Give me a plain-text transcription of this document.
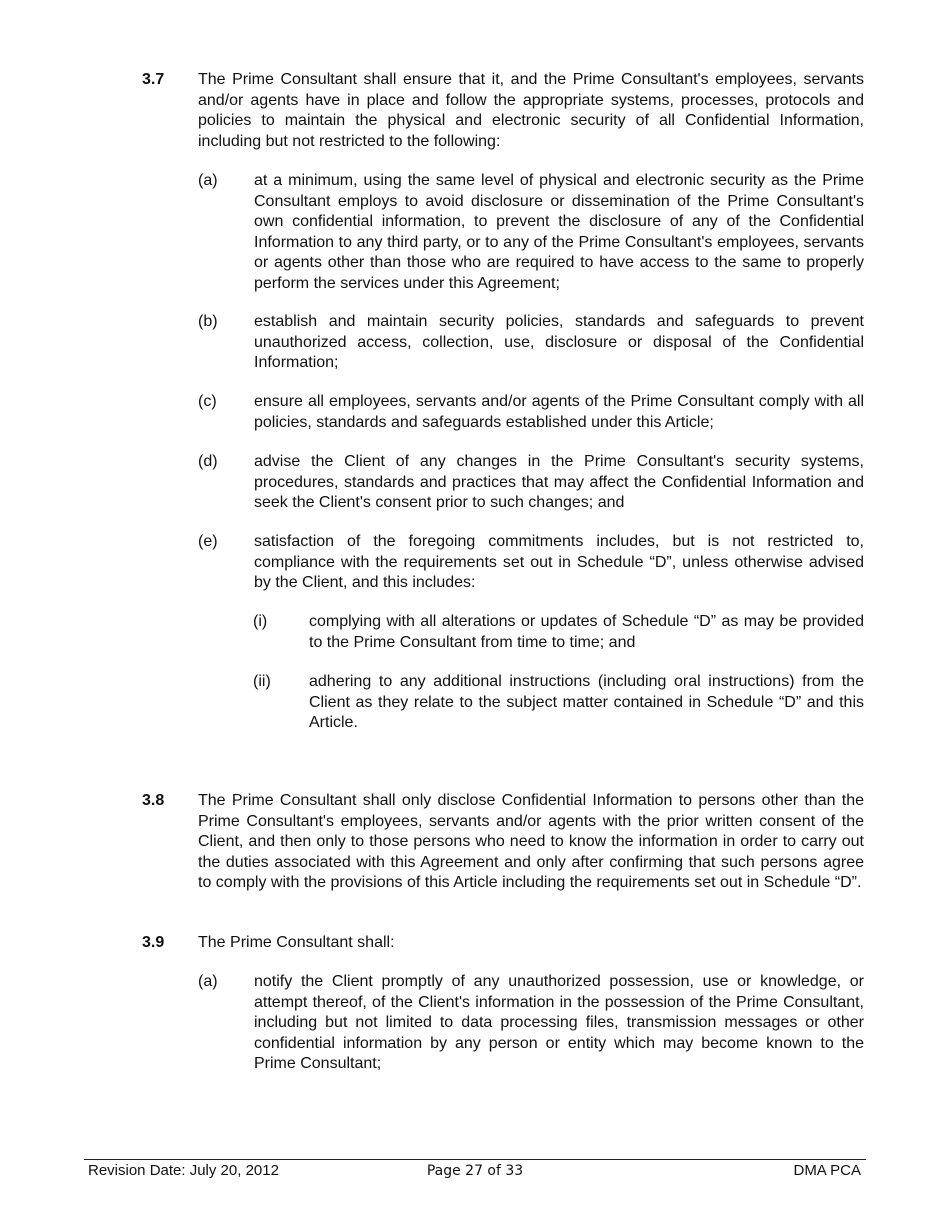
3.7 The Prime Consultant shall ensure that it, and the Prime Consultant's employees, servants and/or agents have in place and follow the appropriate systems, processes, protocols and policies to maintain the physical and electronic security of all Confidential Information, including but not restricted to the following:
(a) at a minimum, using the same level of physical and electronic security as the Prime Consultant employs to avoid disclosure or dissemination of the Prime Consultant's own confidential information, to prevent the disclosure of any of the Confidential Information to any third party, or to any of the Prime Consultant's employees, servants or agents other than those who are required to have access to the same to properly perform the services under this Agreement;
(b) establish and maintain security policies, standards and safeguards to prevent unauthorized access, collection, use, disclosure or disposal of the Confidential Information;
(c) ensure all employees, servants and/or agents of the Prime Consultant comply with all policies, standards and safeguards established under this Article;
(d) advise the Client of any changes in the Prime Consultant's security systems, procedures, standards and practices that may affect the Confidential Information and seek the Client's consent prior to such changes; and
(e) satisfaction of the foregoing commitments includes, but is not restricted to, compliance with the requirements set out in Schedule “D”, unless otherwise advised by the Client, and this includes:
(i)	complying with all alterations or updates of Schedule “D” as may be provided to the Prime Consultant from time to time; and
(ii) adhering to any additional instructions (including oral instructions) from the Client as they relate to the subject matter contained in Schedule “D” and this Article.
3.8 The Prime Consultant shall only disclose Confidential Information to persons other than the Prime Consultant's employees, servants and/or agents with the prior written consent of the Client, and then only to those persons who need to know the information in order to carry out the duties associated with this Agreement and only after confirming that such persons agree to comply with the provisions of this Article including the requirements set out in Schedule “D”.
3.9 The Prime Consultant shall:
(a) notify the Client promptly of any unauthorized possession, use or knowledge, or attempt thereof, of the Client's information in the possession of the Prime Consultant, including but not limited to data processing files, transmission messages or other confidential information by any person or entity which may become known to the Prime Consultant;
Revision Date: July 20, 2012	Page 27 of 33	DMA PCA
